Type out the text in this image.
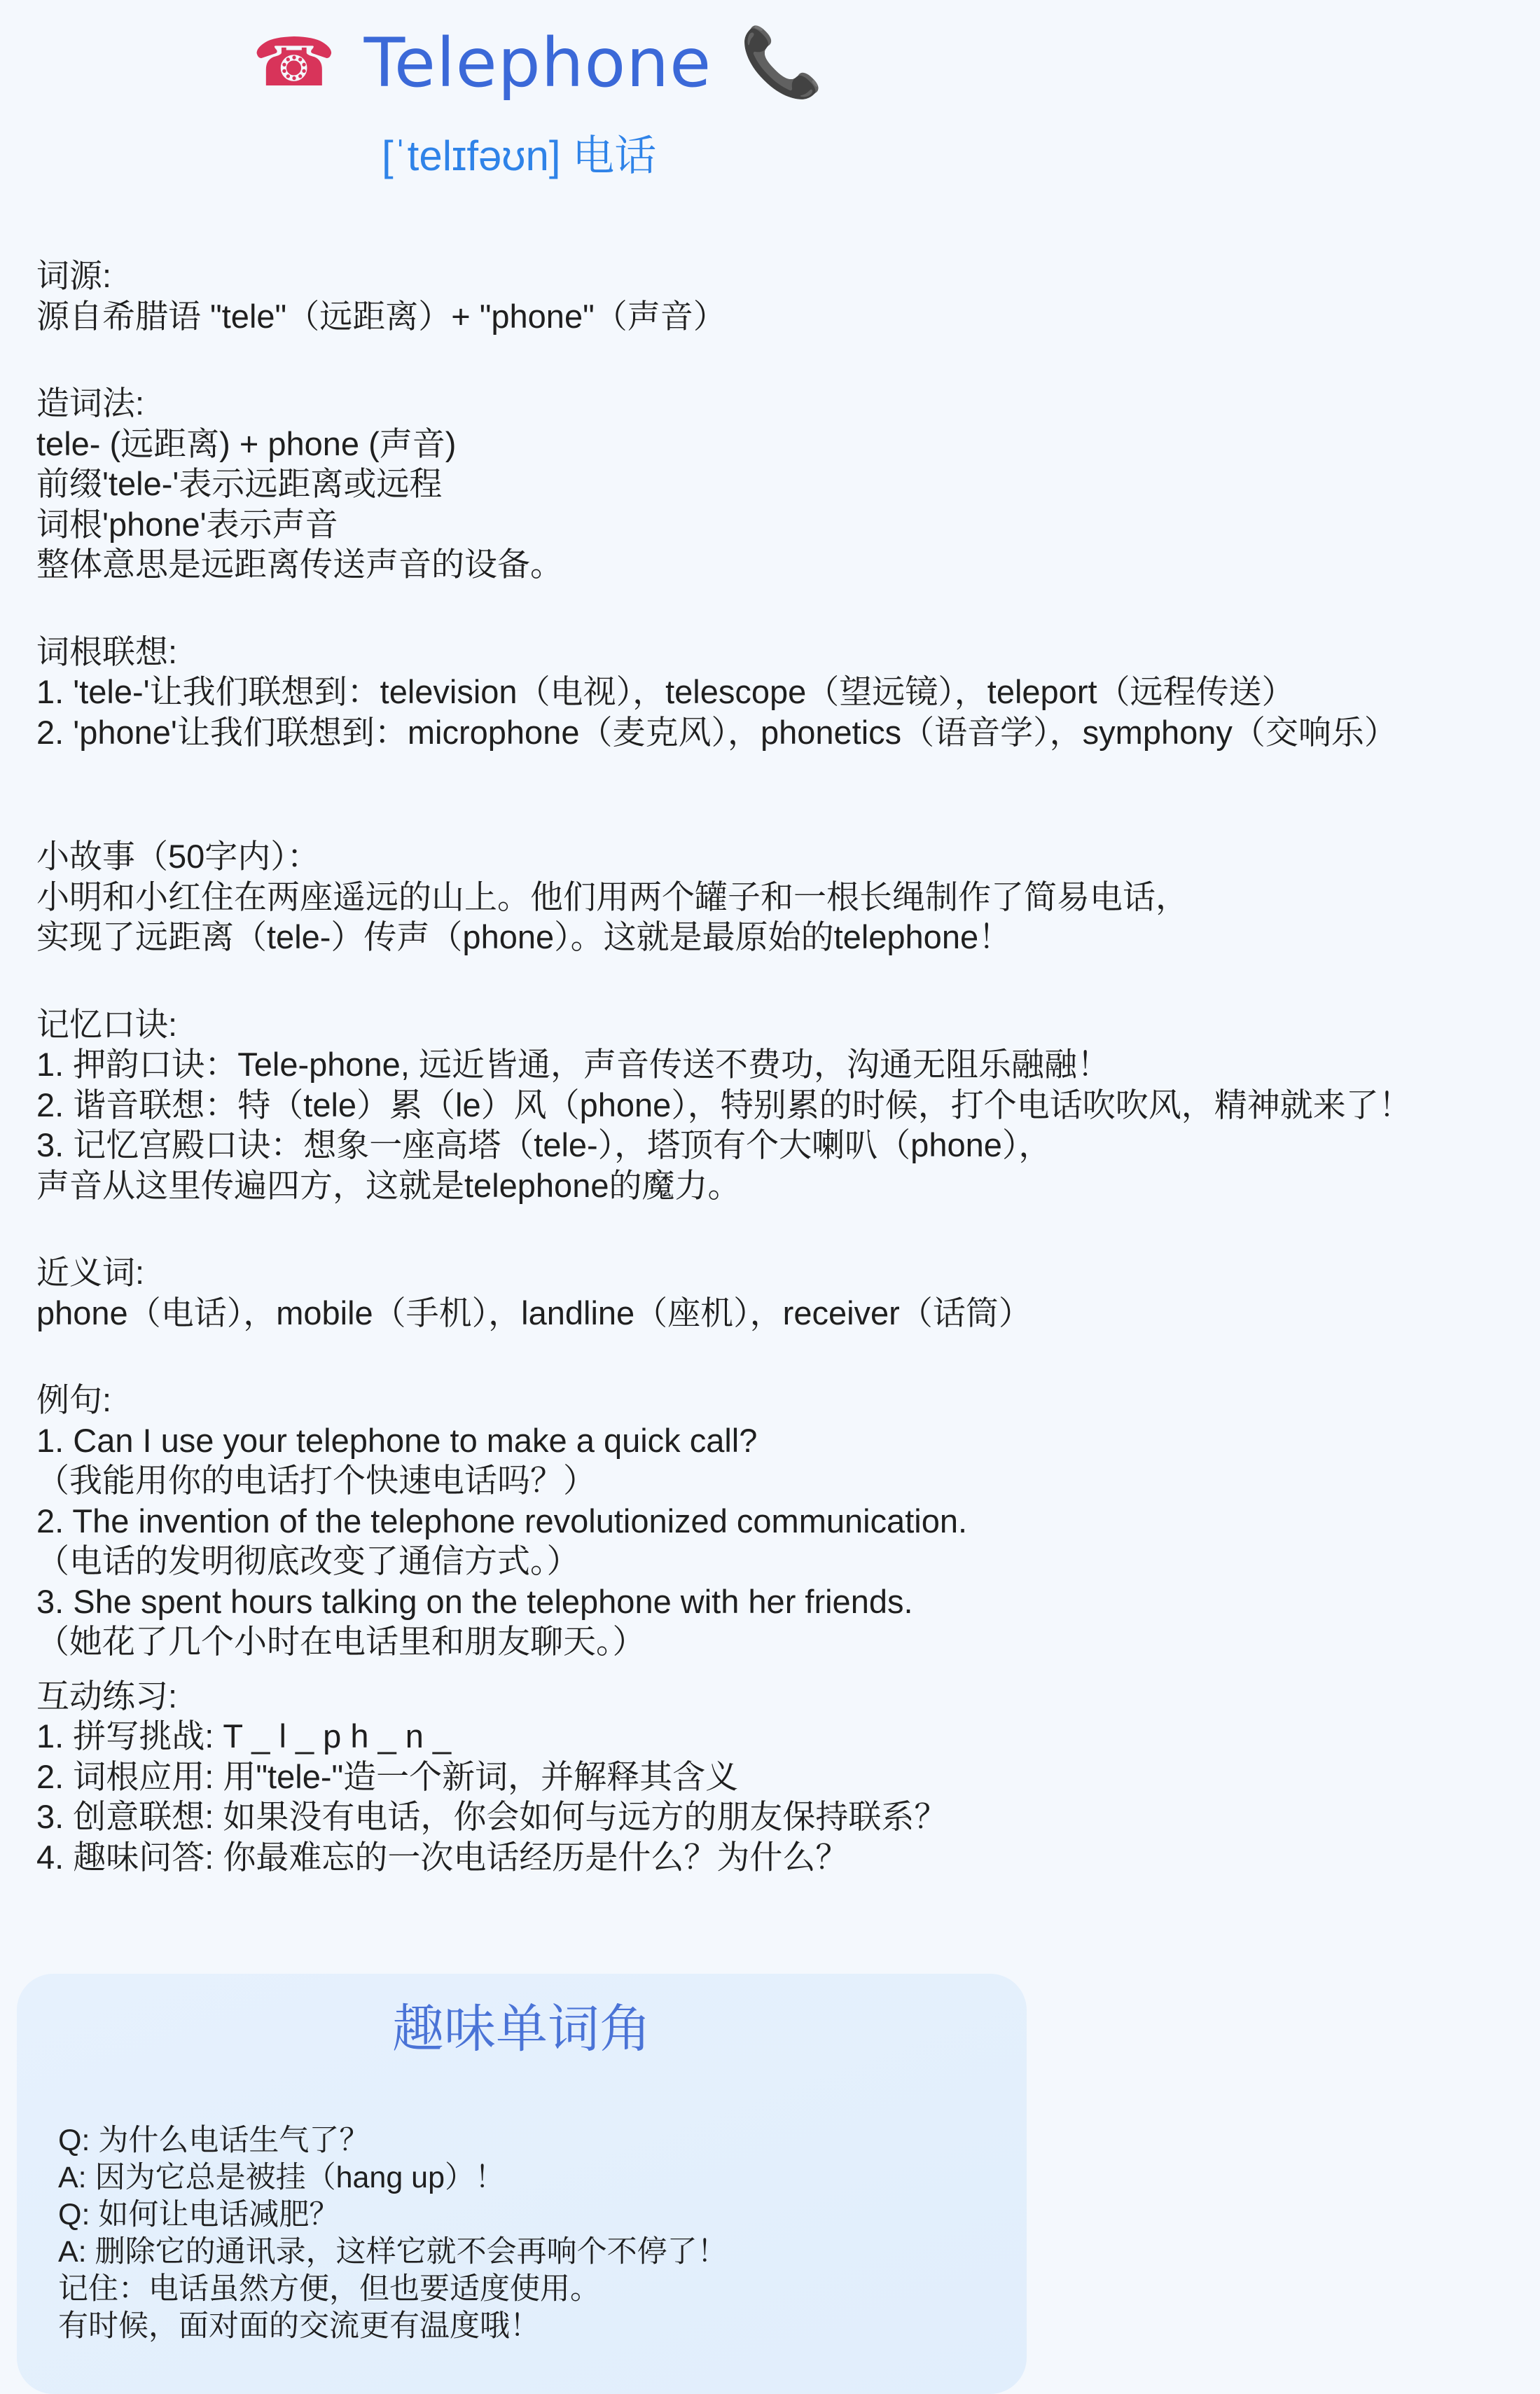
☎ Telephone 📞
[ˈtelɪfəʊn] 电话

词源:

源自希腊语 "tele"（远距离）+ "phone"（声音）

造词法:

tele- (远距离) + phone (声音)

前缀'tele-'表示远距离或远程

词根'phone'表示声音

整体意思是远距离传送声音的设备。

词根联想:

1. 'tele-'让我们联想到：television（电视），telescope（望远镜），teleport（远程传送）

2. 'phone'让我们联想到：microphone（麦克风），phonetics（语音学），symphony（交响乐）

小故事（50字内）：

小明和小红住在两座遥远的山上。他们用两个罐子和一根长绳制作了简易电话，

实现了远距离（tele-）传声（phone）。这就是最原始的telephone！

记忆口诀:

1. 押韵口诀：Tele-phone, 远近皆通，声音传送不费功，沟通无阻乐融融！

2. 谐音联想：特（tele）累（le）风（phone），特别累的时候，打个电话吹吹风，精神就来了！

3. 记忆宫殿口诀：想象一座高塔（tele-），塔顶有个大喇叭（phone），

声音从这里传遍四方，这就是telephone的魔力。

近义词:

phone（电话），mobile（手机），landline（座机），receiver（话筒）

例句:

1. Can I use your telephone to make a quick call?

（我能用你的电话打个快速电话吗？）

2. The invention of the telephone revolutionized communication.

（电话的发明彻底改变了通信方式。）

3. She spent hours talking on the telephone with her friends.

（她花了几个小时在电话里和朋友聊天。）

互动练习:

1. 拼写挑战: T _ l _ p h _ n _

2. 词根应用: 用"tele-"造一个新词，并解释其含义

3. 创意联想: 如果没有电话，你会如何与远方的朋友保持联系？

4. 趣味问答: 你最难忘的一次电话经历是什么？为什么？

趣味单词角

Q: 为什么电话生气了？

A: 因为它总是被挂（hang up）！

Q: 如何让电话减肥？

A: 删除它的通讯录，这样它就不会再响个不停了！

记住：电话虽然方便，但也要适度使用。

有时候，面对面的交流更有温度哦！
